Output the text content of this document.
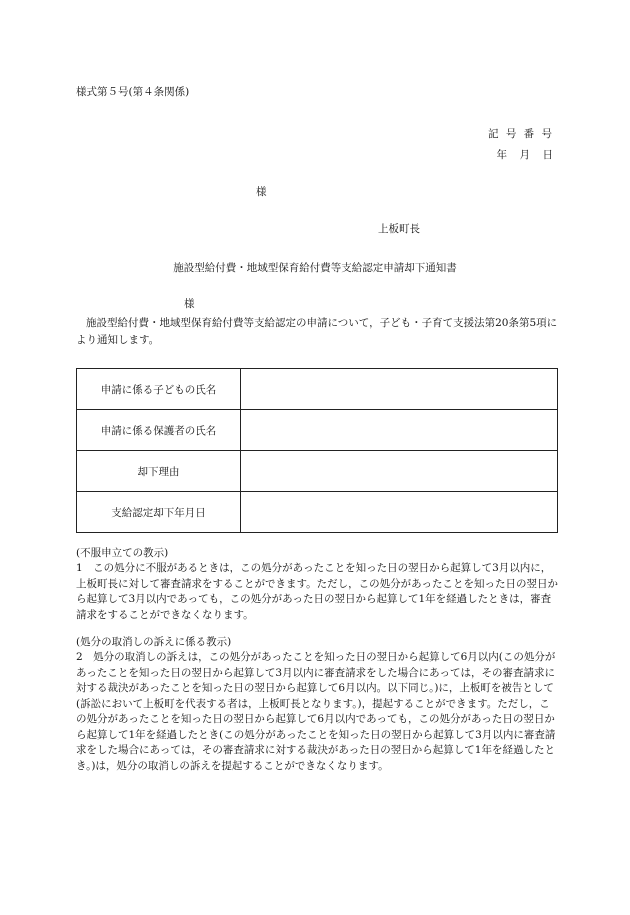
様式第５号(第４条関係)
記 号 番 号
年　月　日
様
上板町長
施設型給付費・地域型保育給付費等支給認定申請却下通知書
様
施設型給付費・地域型保育給付費等支給認定の申請について，子ども・子育て支援法第20条第5項により通知します。
申請に係る子どもの氏名	
申請に係る保護者の氏名	
却下理由	
支給認定却下年月日	
(不服申立ての教示)
1　この処分に不服があるときは，この処分があったことを知った日の翌日から起算して3月以内に，上板町長に対して審査請求をすることができます。ただし，この処分があったことを知った日の翌日から起算して3月以内であっても，この処分があった日の翌日から起算して1年を経過したときは，審査請求をすることができなくなります。
(処分の取消しの訴えに係る教示)
2　処分の取消しの訴えは，この処分があったことを知った日の翌日から起算して6月以内(この処分があったことを知った日の翌日から起算して3月以内に審査請求をした場合にあっては，その審査請求に対する裁決があったことを知った日の翌日から起算して6月以内。以下同じ。)に，上板町を被告として(訴訟において上板町を代表する者は，上板町長となります。)，提起することができます。ただし，この処分があったことを知った日の翌日から起算して6月以内であっても，この処分があった日の翌日から起算して1年を経過したとき(この処分があったことを知った日の翌日から起算して3月以内に審査請求をした場合にあっては，その審査請求に対する裁決があった日の翌日から起算して1年を経過したとき。)は，処分の取消しの訴えを提起することができなくなります。
